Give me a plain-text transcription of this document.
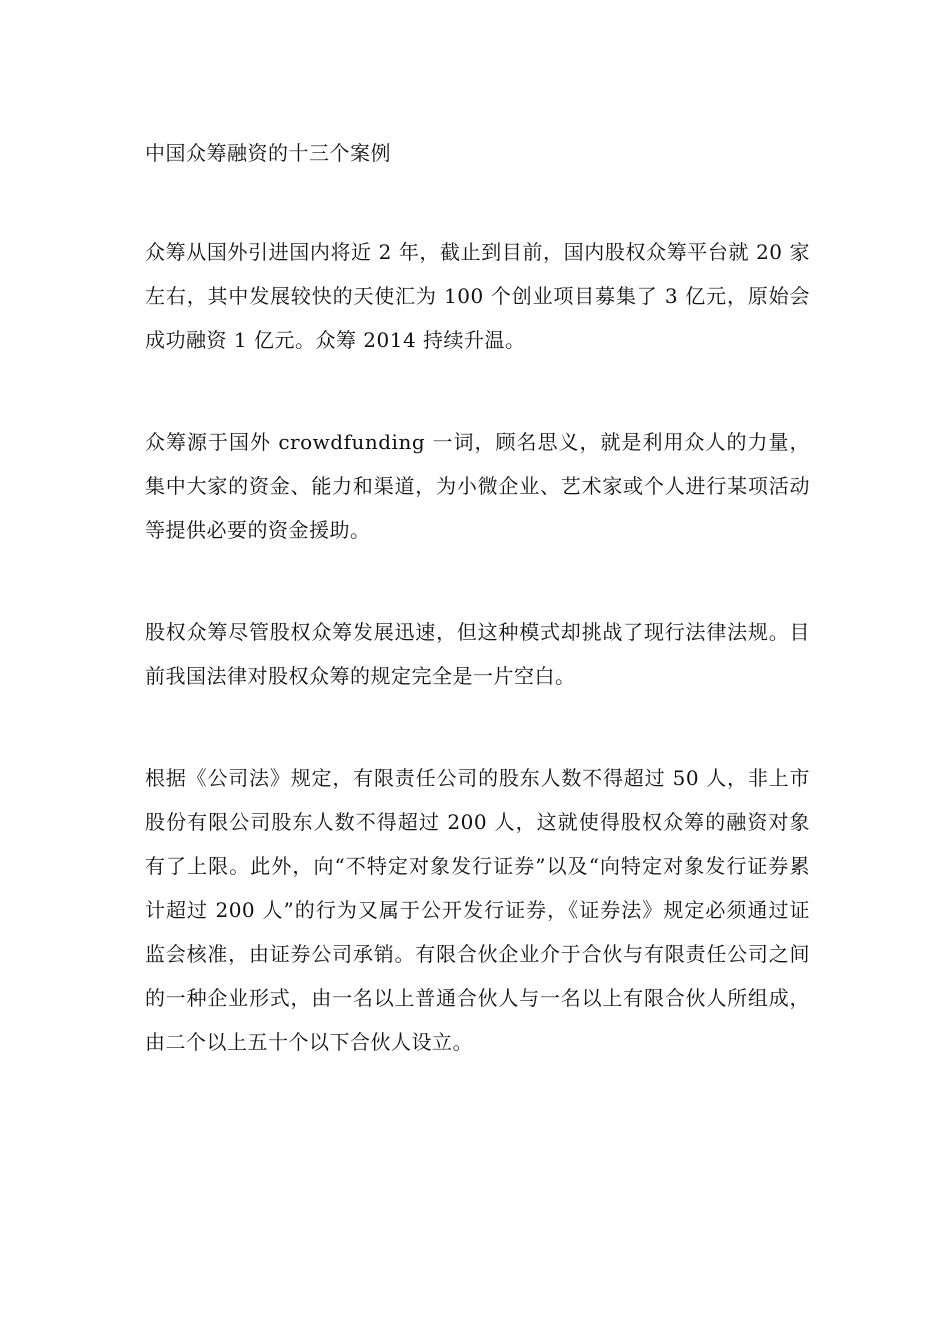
中国众筹融资的十三个案例

众筹从国外引进国内将近 2 年，截止到目前，国内股权众筹平台就 20 家左右，其中发展较快的天使汇为 100 个创业项目募集了 3 亿元，原始会成功融资 1 亿元。众筹 2014 持续升温。

众筹源于国外 crowdfunding 一词，顾名思义，就是利用众人的力量，集中大家的资金、能力和渠道，为小微企业、艺术家或个人进行某项活动等提供必要的资金援助。

股权众筹尽管股权众筹发展迅速，但这种模式却挑战了现行法律法规。目前我国法律对股权众筹的规定完全是一片空白。

根据《公司法》规定，有限责任公司的股东人数不得超过 50 人，非上市股份有限公司股东人数不得超过 200 人，这就使得股权众筹的融资对象有了上限。此外，向“不特定对象发行证券”以及“向特定对象发行证券累计超过 200 人”的行为又属于公开发行证券，《证券法》规定必须通过证监会核准，由证券公司承销。有限合伙企业介于合伙与有限责任公司之间的一种企业形式，由一名以上普通合伙人与一名以上有限合伙人所组成，由二个以上五十个以下合伙人设立。
